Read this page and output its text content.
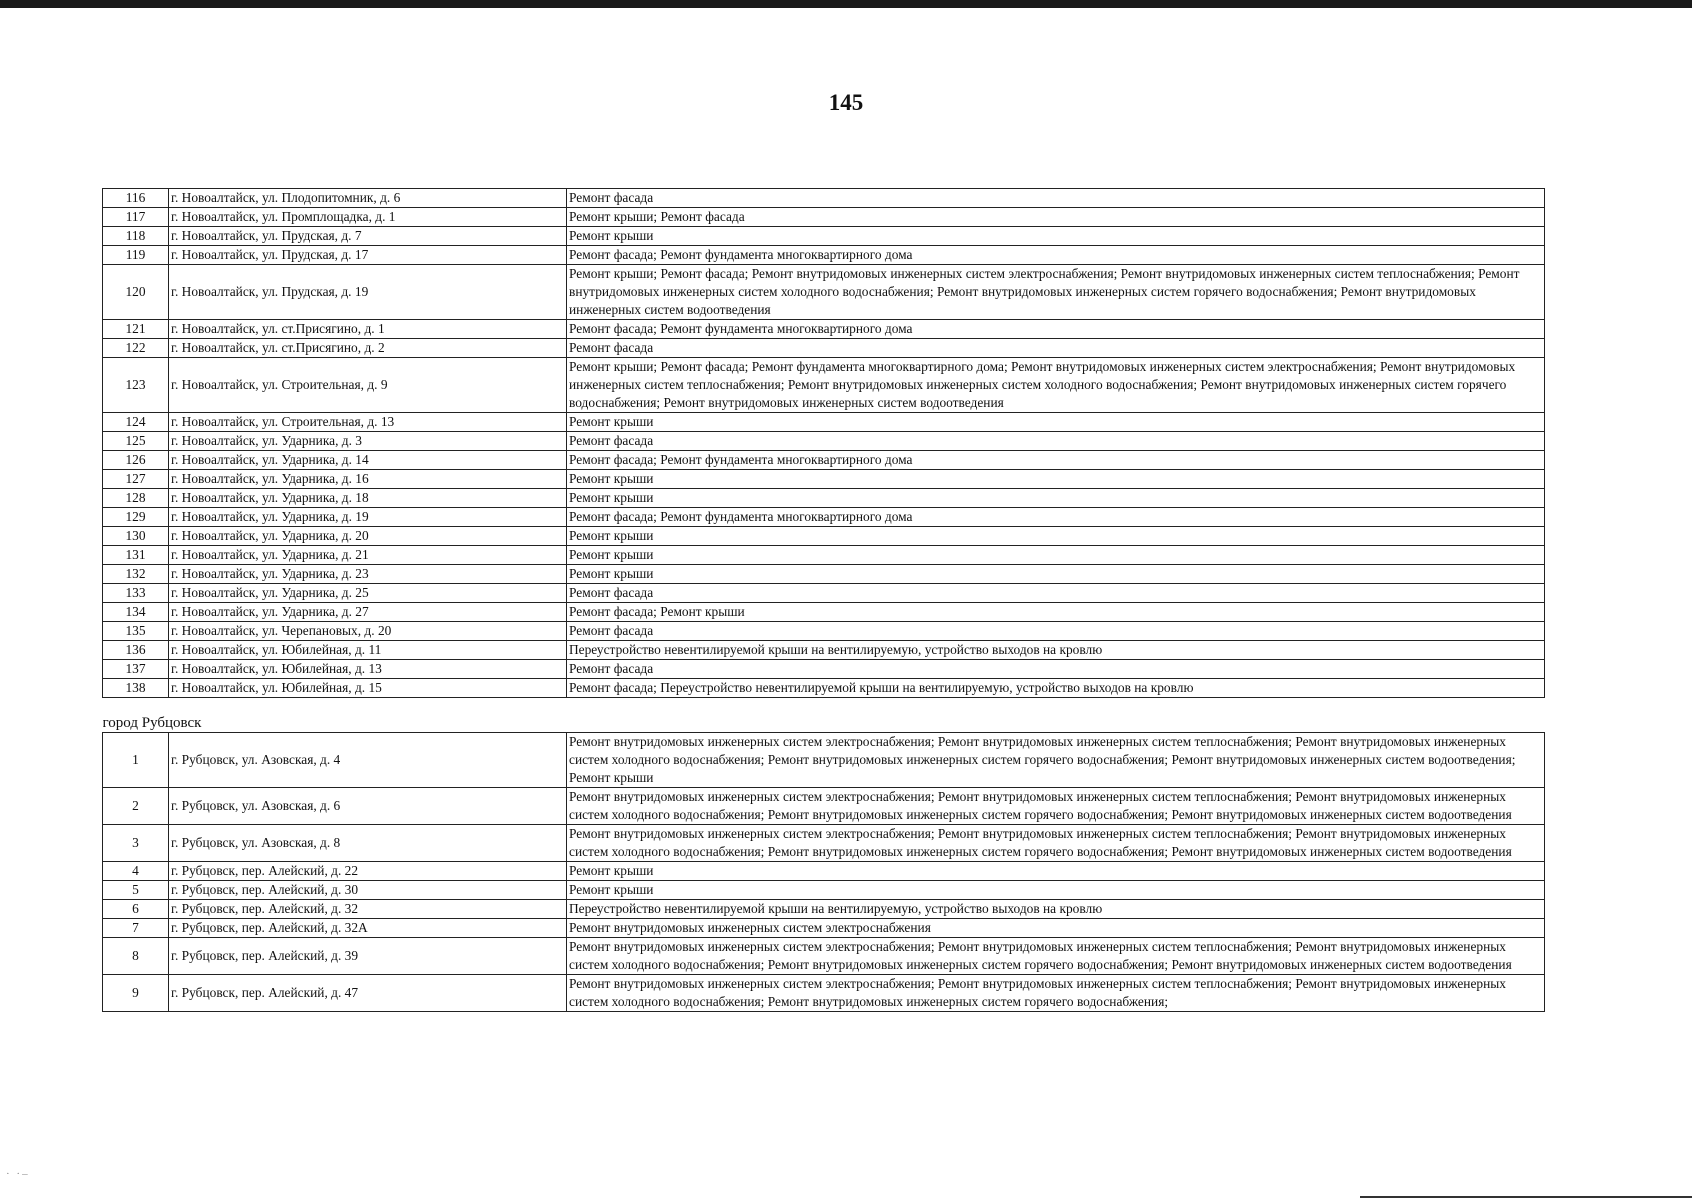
145
116	г. Новоалтайск, ул. Плодопитомник, д. 6	Ремонт фасада
117	г. Новоалтайск, ул. Промплощадка, д. 1	Ремонт крыши; Ремонт фасада
118	г. Новоалтайск, ул. Прудская, д. 7	Ремонт крыши
119	г. Новоалтайск, ул. Прудская, д. 17	Ремонт фасада; Ремонт фундамента многоквартирного дома
120	г. Новоалтайск, ул. Прудская, д. 19	Ремонт крыши; Ремонт фасада; Ремонт внутридомовых инженерных систем электроснабжения; Ремонт внутридомовых инженерных систем теплоснабжения; Ремонт внутридомовых инженерных систем холодного водоснабжения; Ремонт внутридомовых инженерных систем горячего водоснабжения; Ремонт внутридомовых инженерных систем водоотведения
121	г. Новоалтайск, ул. ст.Присягино, д. 1	Ремонт фасада; Ремонт фундамента многоквартирного дома
122	г. Новоалтайск, ул. ст.Присягино, д. 2	Ремонт фасада
123	г. Новоалтайск, ул. Строительная, д. 9	Ремонт крыши; Ремонт фасада; Ремонт фундамента многоквартирного дома; Ремонт внутридомовых инженерных систем электроснабжения; Ремонт внутридомовых инженерных систем теплоснабжения; Ремонт внутридомовых инженерных систем холодного водоснабжения; Ремонт внутридомовых инженерных систем горячего водоснабжения; Ремонт внутридомовых инженерных систем водоотведения
124	г. Новоалтайск, ул. Строительная, д. 13	Ремонт крыши
125	г. Новоалтайск, ул. Ударника, д. 3	Ремонт фасада
126	г. Новоалтайск, ул. Ударника, д. 14	Ремонт фасада; Ремонт фундамента многоквартирного дома
127	г. Новоалтайск, ул. Ударника, д. 16	Ремонт крыши
128	г. Новоалтайск, ул. Ударника, д. 18	Ремонт крыши
129	г. Новоалтайск, ул. Ударника, д. 19	Ремонт фасада; Ремонт фундамента многоквартирного дома
130	г. Новоалтайск, ул. Ударника, д. 20	Ремонт крыши
131	г. Новоалтайск, ул. Ударника, д. 21	Ремонт крыши
132	г. Новоалтайск, ул. Ударника, д. 23	Ремонт крыши
133	г. Новоалтайск, ул. Ударника, д. 25	Ремонт фасада
134	г. Новоалтайск, ул. Ударника, д. 27	Ремонт фасада; Ремонт крыши
135	г. Новоалтайск, ул. Черепановых, д. 20	Ремонт фасада
136	г. Новоалтайск, ул. Юбилейная, д. 11	Переустройство невентилируемой крыши на вентилируемую, устройство выходов на кровлю
137	г. Новоалтайск, ул. Юбилейная, д. 13	Ремонт фасада
138	г. Новоалтайск, ул. Юбилейная, д. 15	Ремонт фасада; Переустройство невентилируемой крыши на вентилируемую, устройство выходов на кровлю

город Рубцовск		
1	г. Рубцовск, ул. Азовская, д. 4	Ремонт внутридомовых инженерных систем электроснабжения; Ремонт внутридомовых инженерных систем теплоснабжения; Ремонт внутридомовых инженерных систем холодного водоснабжения; Ремонт внутридомовых инженерных систем горячего водоснабжения; Ремонт внутридомовых инженерных систем водоотведения; Ремонт крыши
2	г. Рубцовск, ул. Азовская, д. 6	Ремонт внутридомовых инженерных систем электроснабжения; Ремонт внутридомовых инженерных систем теплоснабжения; Ремонт внутридомовых инженерных систем холодного водоснабжения; Ремонт внутридомовых инженерных систем горячего водоснабжения; Ремонт внутридомовых инженерных систем водоотведения
3	г. Рубцовск, ул. Азовская, д. 8	Ремонт внутридомовых инженерных систем электроснабжения; Ремонт внутридомовых инженерных систем теплоснабжения; Ремонт внутридомовых инженерных систем холодного водоснабжения; Ремонт внутридомовых инженерных систем горячего водоснабжения; Ремонт внутридомовых инженерных систем водоотведения
4	г. Рубцовск, пер. Алейский, д. 22	Ремонт крыши
5	г. Рубцовск, пер. Алейский, д. 30	Ремонт крыши
6	г. Рубцовск, пер. Алейский, д. 32	Переустройство невентилируемой крыши на вентилируемую, устройство выходов на кровлю
7	г. Рубцовск, пер. Алейский, д. 32А	Ремонт внутридомовых инженерных систем электроснабжения
8	г. Рубцовск, пер. Алейский, д. 39	Ремонт внутридомовых инженерных систем электроснабжения; Ремонт внутридомовых инженерных систем теплоснабжения; Ремонт внутридомовых инженерных систем холодного водоснабжения; Ремонт внутридомовых инженерных систем горячего водоснабжения; Ремонт внутридомовых инженерных систем водоотведения
9	г. Рубцовск, пер. Алейский, д. 47	Ремонт внутридомовых инженерных систем электроснабжения; Ремонт внутридомовых инженерных систем теплоснабжения; Ремонт внутридомовых инженерных систем холодного водоснабжения; Ремонт внутридомовых инженерных систем горячего водоснабжения;
· ·–
